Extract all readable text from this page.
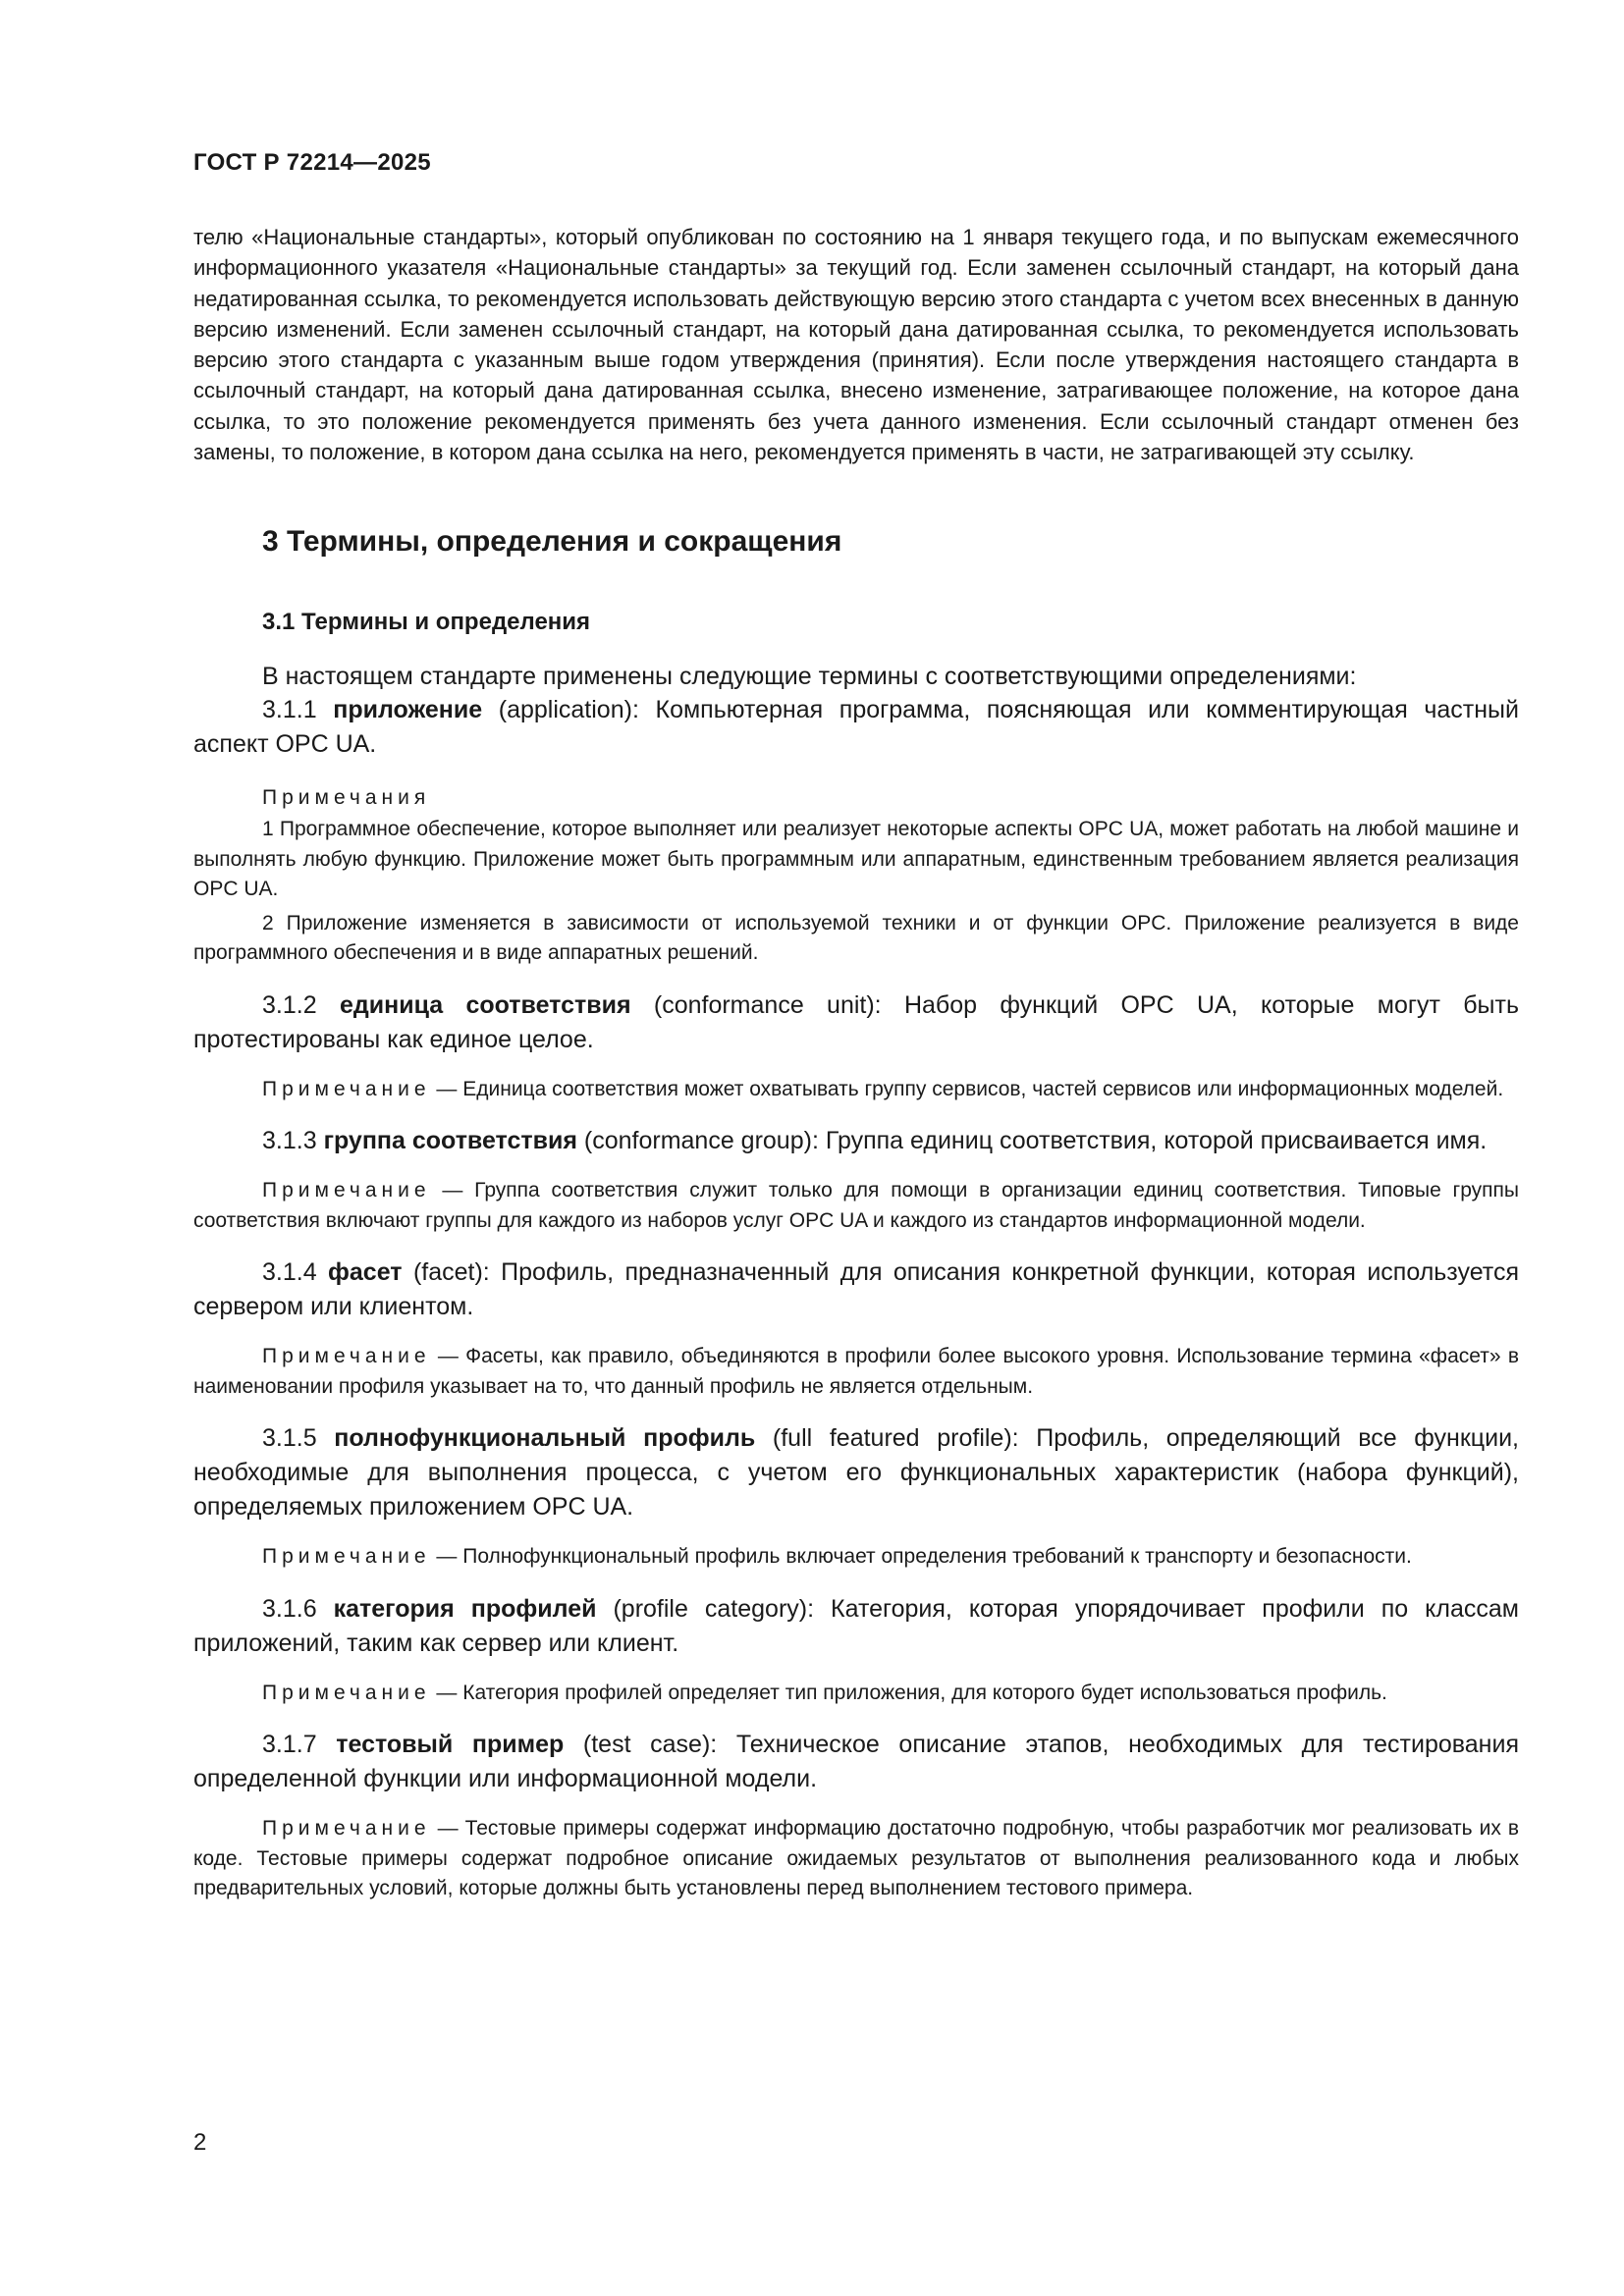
ГОСТ Р 72214—2025

телю «Национальные стандарты», который опубликован по состоянию на 1 января текущего года, и по выпускам ежемесячного информационного указателя «Национальные стандарты» за текущий год. Если заменен ссылочный стандарт, на который дана недатированная ссылка, то рекомендуется использовать действующую версию этого стандарта с учетом всех внесенных в данную версию изменений. Если заменен ссылочный стандарт, на который дана датированная ссылка, то рекомендуется использовать версию этого стандарта с указанным выше годом утверждения (принятия). Если после утверждения настоящего стандарта в ссылочный стандарт, на который дана датированная ссылка, внесено изменение, затрагивающее положение, на которое дана ссылка, то это положение рекомендуется применять без учета данного изменения. Если ссылочный стандарт отменен без замены, то положение, в котором дана ссылка на него, рекомендуется применять в части, не затрагивающей эту ссылку.

3 Термины, определения и сокращения
3.1 Термины и определения

В настоящем стандарте применены следующие термины с соответствующими определениями:

3.1.1 приложение (application): Компьютерная программа, поясняющая или комментирующая частный аспект OPC UA.

Примечания

1 Программное обеспечение, которое выполняет или реализует некоторые аспекты OPC UA, может работать на любой машине и выполнять любую функцию. Приложение может быть программным или аппаратным, единственным требованием является реализация OPC UA.

2 Приложение изменяется в зависимости от используемой техники и от функции OPC. Приложение реализуется в виде программного обеспечения и в виде аппаратных решений.

3.1.2 единица соответствия (conformance unit): Набор функций OPC UA, которые могут быть протестированы как единое целое.

Примечание — Единица соответствия может охватывать группу сервисов, частей сервисов или информационных моделей.

3.1.3 группа соответствия (conformance group): Группа единиц соответствия, которой присваивается имя.

Примечание — Группа соответствия служит только для помощи в организации единиц соответствия. Типовые группы соответствия включают группы для каждого из наборов услуг OPC UA и каждого из стандартов информационной модели.

3.1.4 фасет (facet): Профиль, предназначенный для описания конкретной функции, которая используется сервером или клиентом.

Примечание — Фасеты, как правило, объединяются в профили более высокого уровня. Использование термина «фасет» в наименовании профиля указывает на то, что данный профиль не является отдельным.

3.1.5 полнофункциональный профиль (full featured profile): Профиль, определяющий все функции, необходимые для выполнения процесса, с учетом его функциональных характеристик (набора функций), определяемых приложением OPC UA.

Примечание — Полнофункциональный профиль включает определения требований к транспорту и безопасности.

3.1.6 категория профилей (profile category): Категория, которая упорядочивает профили по классам приложений, таким как сервер или клиент.

Примечание — Категория профилей определяет тип приложения, для которого будет использоваться профиль.

3.1.7 тестовый пример (test case): Техническое описание этапов, необходимых для тестирования определенной функции или информационной модели.

Примечание — Тестовые примеры содержат информацию достаточно подробную, чтобы разработчик мог реализовать их в коде. Тестовые примеры содержат подробное описание ожидаемых результатов от выполнения реализованного кода и любых предварительных условий, которые должны быть установлены перед выполнением тестового примера.

2
